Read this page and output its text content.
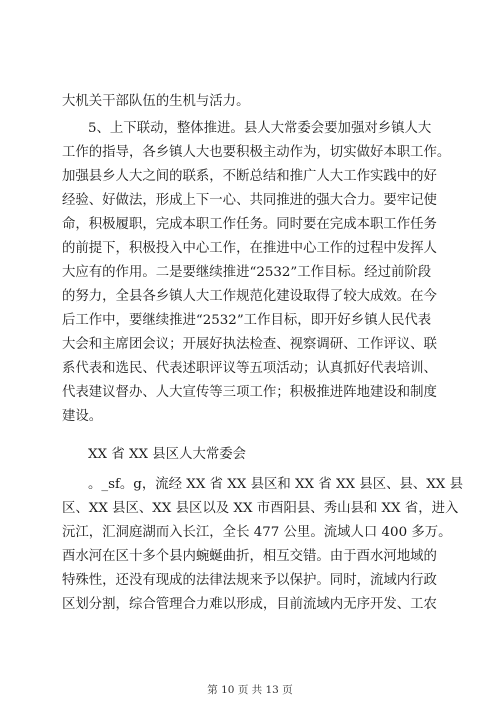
大机关干部队伍的生机与活力。
5、上下联动，整体推进。县人大常委会要加强对乡镇人大
工作的指导，各乡镇人大也要积极主动作为，切实做好本职工作。
加强县乡人大之间的联系，不断总结和推广人大工作实践中的好
经验、好做法，形成上下一心、共同推进的强大合力。要牢记使
命，积极履职，完成本职工作任务。同时要在完成本职工作任务
的前提下，积极投入中心工作，在推进中心工作的过程中发挥人
大应有的作用。二是要继续推进“2532”工作目标。经过前阶段
的努力，全县各乡镇人大工作规范化建设取得了较大成效。在今
后工作中，要继续推进“2532”工作目标，即开好乡镇人民代表
大会和主席团会议；开展好执法检查、视察调研、工作评议、联
系代表和选民、代表述职评议等五项活动；认真抓好代表培训、
代表建议督办、人大宣传等三项工作；积极推进阵地建设和制度
建设。
XX 省 XX 县区人大常委会
。_sf。g，流经 XX 省 XX 县区和 XX 省 XX 县区、县、XX 县
区、XX 县区、XX 县区以及 XX 市酉阳县、秀山县和 XX 省，进入
沅江，汇洞庭湖而入长江，全长 477 公里。流域人口 400 多万。
酉水河在区十多个县内蜿蜒曲折，相互交错。由于酉水河地域的
特殊性，还没有现成的法律法规来予以保护。同时，流域内行政
区划分割，综合管理合力难以形成，目前流域内无序开发、工农
第 10 页 共 13 页
